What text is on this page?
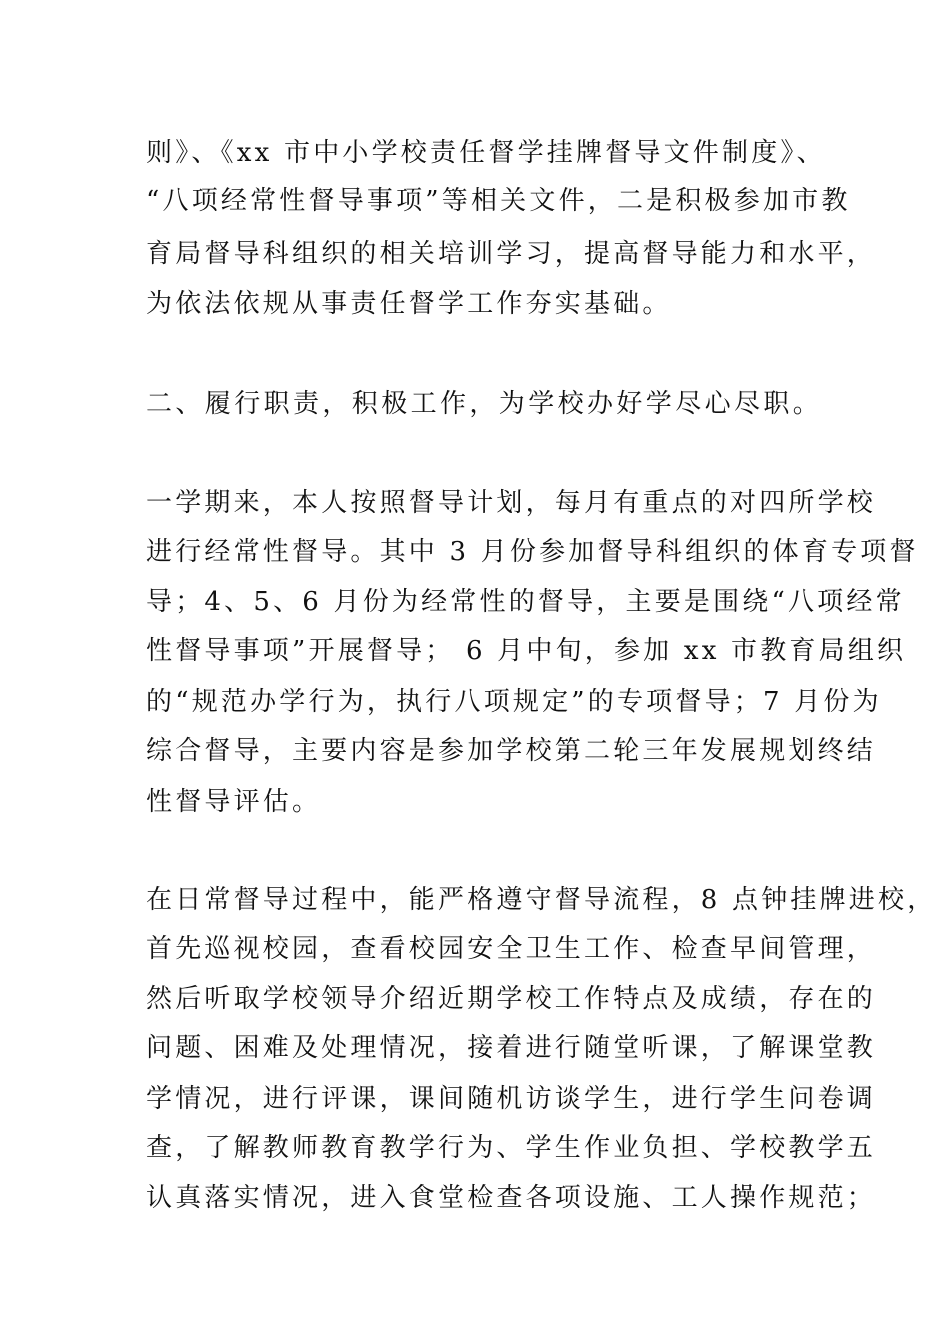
则》、《xx 市中小学校责任督学挂牌督导文件制度》、

“八项经常性督导事项”等相关文件，二是积极参加市教

育局督导科组织的相关培训学习，提高督导能力和水平，

为依法依规从事责任督学工作夯实基础。

二、履行职责，积极工作，为学校办好学尽心尽职。

一学期来，本人按照督导计划，每月有重点的对四所学校

进行经常性督导。其中 3 月份参加督导科组织的体育专项督

导；4、5、6 月份为经常性的督导，主要是围绕“八项经常

性督导事项”开展督导； 6 月中旬，参加 xx 市教育局组织

的“规范办学行为，执行八项规定”的专项督导；7 月份为

综合督导，主要内容是参加学校第二轮三年发展规划终结

性督导评估。

在日常督导过程中，能严格遵守督导流程，8 点钟挂牌进校，

首先巡视校园，查看校园安全卫生工作、检查早间管理，

然后听取学校领导介绍近期学校工作特点及成绩，存在的

问题、困难及处理情况，接着进行随堂听课，了解课堂教

学情况，进行评课，课间随机访谈学生，进行学生问卷调

查，了解教师教育教学行为、学生作业负担、学校教学五

认真落实情况，进入食堂检查各项设施、工人操作规范；
